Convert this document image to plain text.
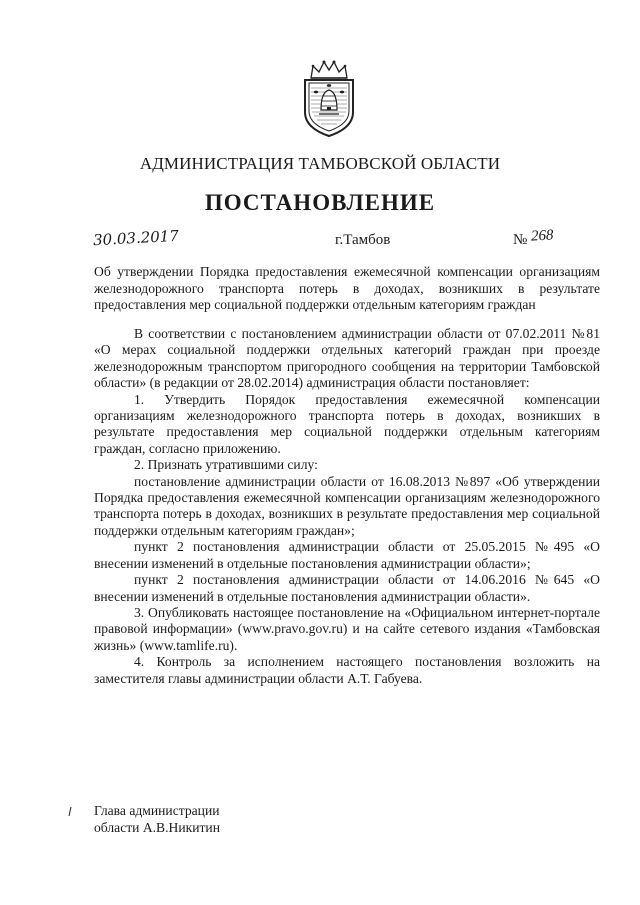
АДМИНИСТРАЦИЯ ТАМБОВСКОЙ ОБЛАСТИ
ПОСТАНОВЛЕНИЕ
30.03.2017	г.Тамбов	№ 268
Об утверждении Порядка предоставления ежемесячной компенсации организациям железнодорожного транспорта потерь в доходах, возникших в результате предоставления мер социальной поддержки отдельным категориям граждан

В соответствии с постановлением администрации области от 07.02.2011 №81 «О мерах социальной поддержки отдельных категорий граждан при проезде железнодорожным транспортом пригородного сообщения на территории Тамбовской области» (в редакции от 28.02.2014) администрация области постановляет:

1. Утвердить Порядок предоставления ежемесячной компенсации организациям железнодорожного транспорта потерь в доходах, возникших в результате предоставления мер социальной поддержки отдельным категориям граждан, согласно приложению.

2. Признать утратившими силу:

постановление администрации области от 16.08.2013 №897 «Об утверждении Порядка предоставления ежемесячной компенсации организациям железнодорожного транспорта потерь в доходах, возникших в результате предоставления мер социальной поддержки отдельным категориям граждан»;

пункт 2 постановления администрации области от 25.05.2015 №495 «О внесении изменений в отдельные постановления администрации области»;

пункт 2 постановления администрации области от 14.06.2016 №645 «О внесении изменений в отдельные постановления администрации области».

3. Опубликовать настоящее постановление на «Официальном интернет-портале правовой информации» (www.pravo.gov.ru) и на сайте сетевого издания «Тамбовская жизнь» (www.tamlife.ru).

4. Контроль за исполнением настоящего постановления возложить на заместителя главы администрации области А.Т. Габуева.

Глава администрации
области А.В.Никитин
